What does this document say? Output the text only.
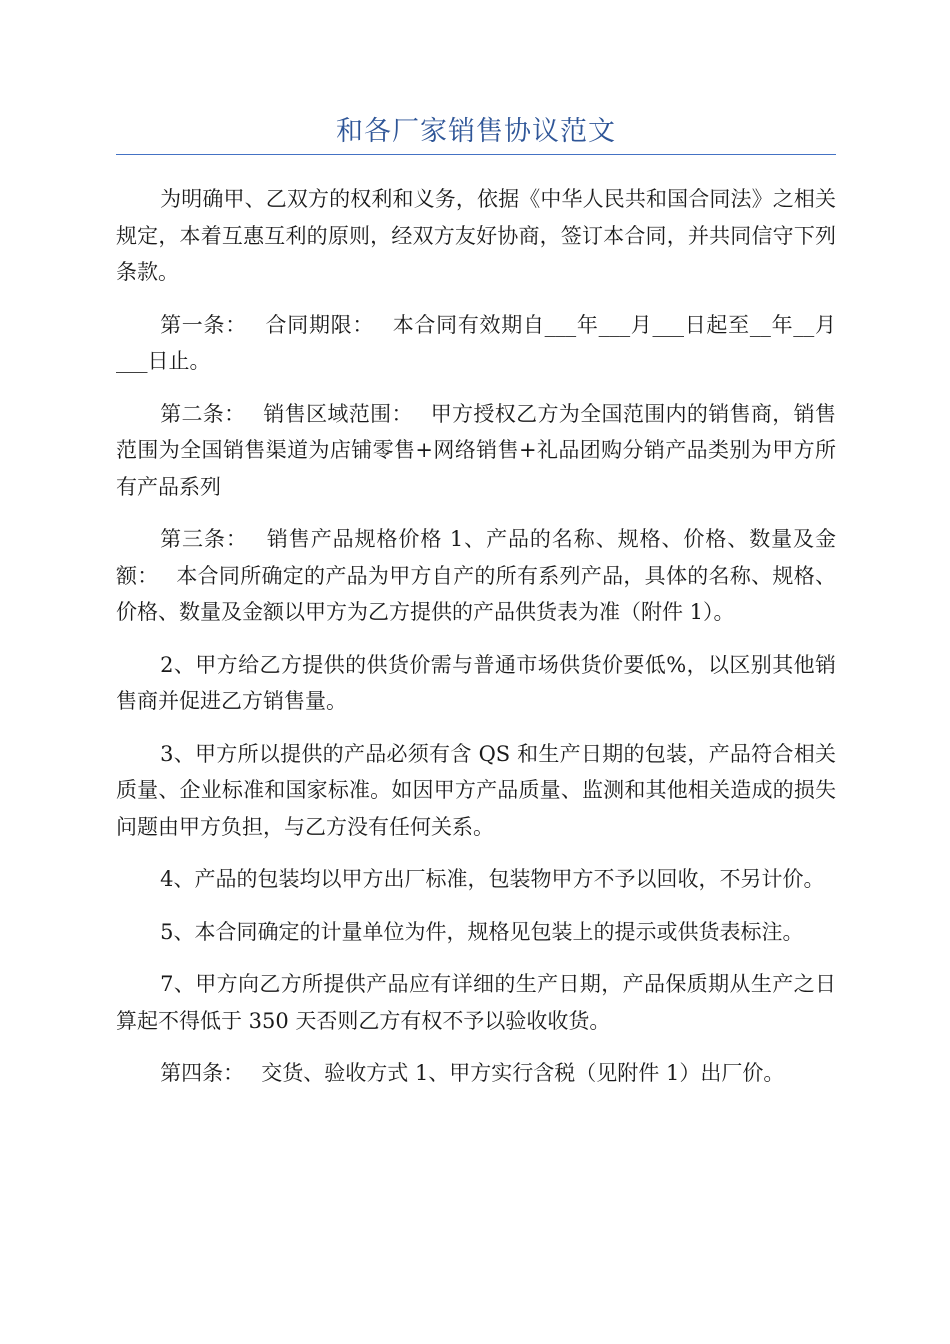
和各厂家销售协议范文

为明确甲、乙双方的权利和义务，依据《中华人民共和国合同法》之相关规定，本着互惠互利的原则，经双方友好协商，签订本合同，并共同信守下列条款。

第一条：　 合同期限：　 本合同有效期自___年___月___日起至__年__月___日止。

第二条：　 销售区域范围：　 甲方授权乙方为全国范围内的销售商，销售范围为全国销售渠道为店铺零售+网络销售+礼品团购分销产品类别为甲方所有产品系列

第三条：　 销售产品规格价格 1、产品的名称、规格、价格、数量及金额：　 本合同所确定的产品为甲方自产的所有系列产品，具体的名称、规格、价格、数量及金额以甲方为乙方提供的产品供货表为准（附件 1）。

2、甲方给乙方提供的供货价需与普通市场供货价要低%，以区别其他销售商并促进乙方销售量。

3、甲方所以提供的产品必须有含 QS 和生产日期的包装，产品符合相关质量、企业标准和国家标准。如因甲方产品质量、监测和其他相关造成的损失问题由甲方负担，与乙方没有任何关系。

4、产品的包装均以甲方出厂标准，包装物甲方不予以回收，不另计价。

5、本合同确定的计量单位为件，规格见包装上的提示或供货表标注。

7、甲方向乙方所提供产品应有详细的生产日期，产品保质期从生产之日算起不得低于 350 天否则乙方有权不予以验收收货。

第四条：　 交货、验收方式 1、甲方实行含税（见附件 1）出厂价。
